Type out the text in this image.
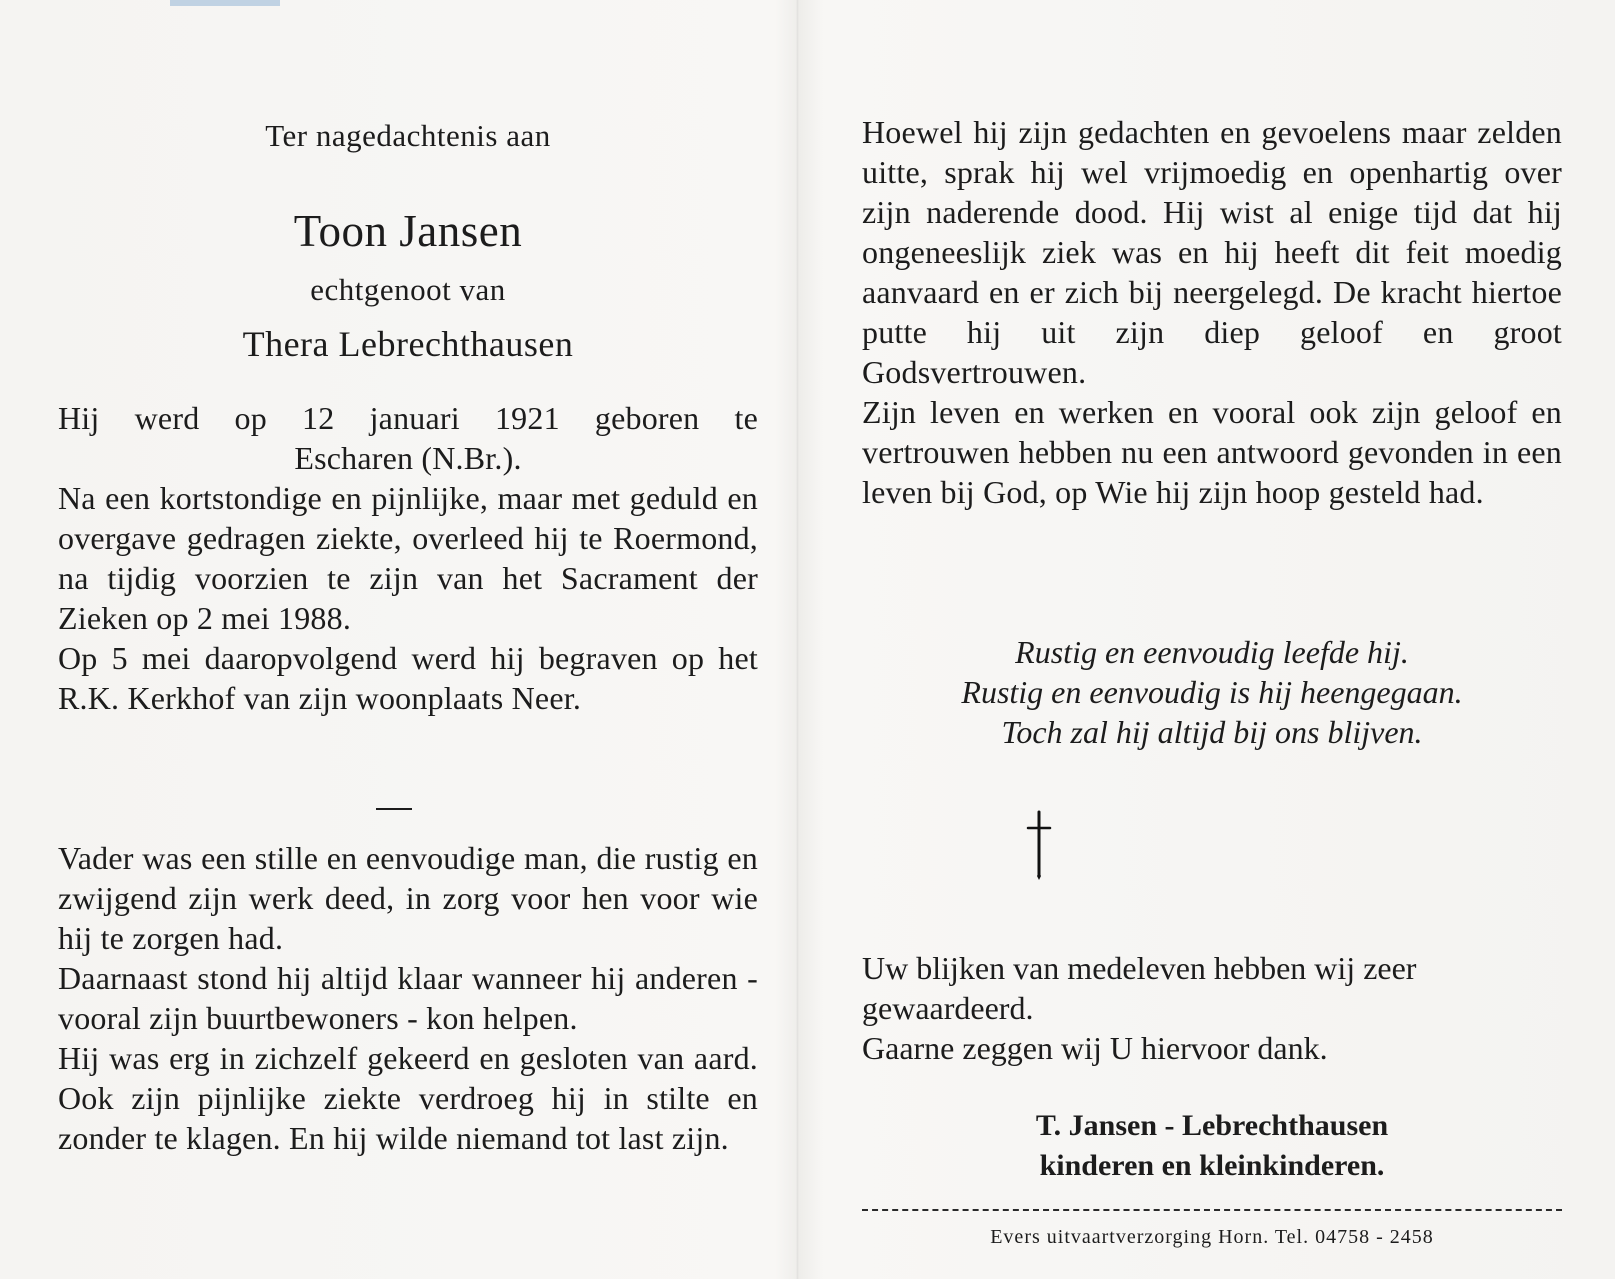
Ter nagedachtenis aan
Toon Jansen
echtgenoot van
Thera Lebrechthausen

Hij werd op 12 januari 1921 geboren te

Escharen (N.Br.).

Na een kortstondige en pijnlijke, maar met geduld en overgave gedragen ziekte, overleed hij te Roermond, na tijdig voorzien te zijn van het Sacrament der Zieken op 2 mei 1988.

Op 5 mei daaropvolgend werd hij begraven op het R.K. Kerkhof van zijn woonplaats Neer.

Vader was een stille en eenvoudige man, die rustig en zwijgend zijn werk deed, in zorg voor hen voor wie hij te zorgen had.

Daarnaast stond hij altijd klaar wanneer hij anderen - vooral zijn buurtbewoners - kon helpen.

Hij was erg in zichzelf gekeerd en gesloten van aard. Ook zijn pijnlijke ziekte verdroeg hij in stilte en zonder te klagen. En hij wilde niemand tot last zijn.

Hoewel hij zijn gedachten en gevoelens maar zelden uitte, sprak hij wel vrijmoedig en openhartig over zijn naderende dood. Hij wist al enige tijd dat hij ongeneeslijk ziek was en hij heeft dit feit moedig aanvaard en er zich bij neergelegd. De kracht hiertoe putte hij uit zijn diep geloof en groot Godsvertrouwen.

Zijn leven en werken en vooral ook zijn geloof en vertrouwen hebben nu een antwoord gevonden in een leven bij God, op Wie hij zijn hoop gesteld had.

Rustig en eenvoudig leefde hij.
Rustig en eenvoudig is hij heengegaan.
Toch zal hij altijd bij ons blijven.

Uw blijken van medeleven hebben wij zeer gewaardeerd.

Gaarne zeggen wij U hiervoor dank.

T. Jansen - Lebrechthausen
kinderen en kleinkinderen.
Evers uitvaartverzorging Horn. Tel. 04758 - 2458
